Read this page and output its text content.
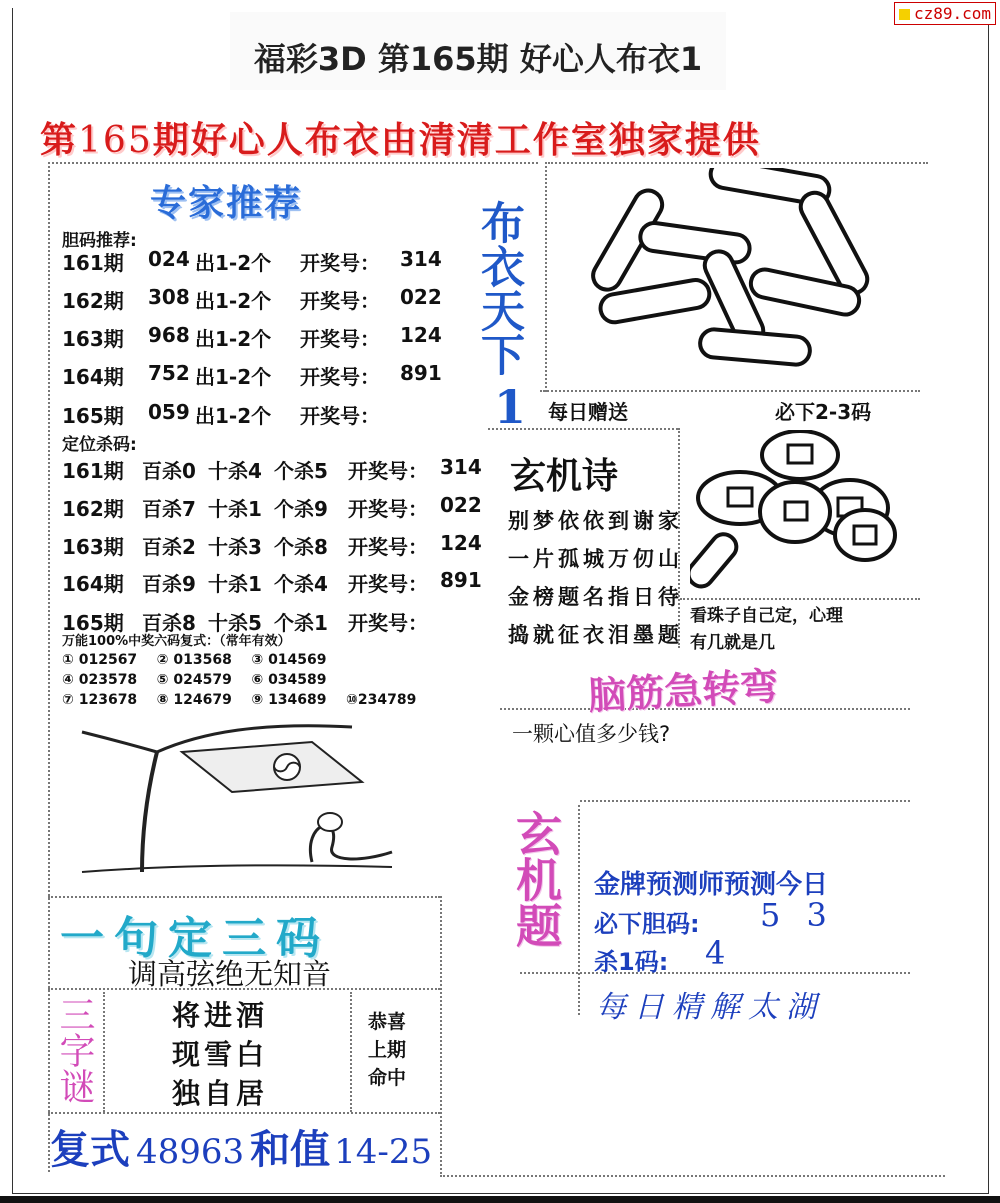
cz89.com
福彩3D 第165期 好心人布衣1
第165期好心人布衣由清清工作室独家提供
专家推荐
胆码推荐:
161期 024 出1-2个 开奖号： 314
162期 308 出1-2个 开奖号： 022
163期 968 出1-2个 开奖号： 124
164期 752 出1-2个 开奖号： 891
165期 059 出1-2个 开奖号：
定位杀码:
161期 百杀0 十杀4 个杀5 开奖号： 314
162期 百杀7 十杀1 个杀9 开奖号： 022
163期 百杀2 十杀3 个杀8 开奖号： 124
164期 百杀9 十杀1 个杀4 开奖号： 891
165期 百杀8 十杀5 个杀1 开奖号：
万能100%中奖六码复式：（常年有效）
① 012567    ② 013568    ③ 014569
④ 023578    ⑤ 024579    ⑥ 034589
⑦ 123678    ⑧ 124679    ⑨ 134689    ⑩234789
布衣天下
1 每日赠送	必下2-3码
玄机诗
别梦依依到谢家
一片孤城万仞山
金榜题名指日待
捣就征衣泪墨题
看珠子自己定，心理
有几就是几
脑筋急转弯
一颗心值多少钱?
玄机题 金牌预测师预测今日
必下胆码: 5 3
杀1码: 4
每日精解太湖
一句定三码
调高弦绝无知音
三字谜	将进酒
现雪白
独自居
恭喜
上期
命中
复式 48963 和值 14-25
